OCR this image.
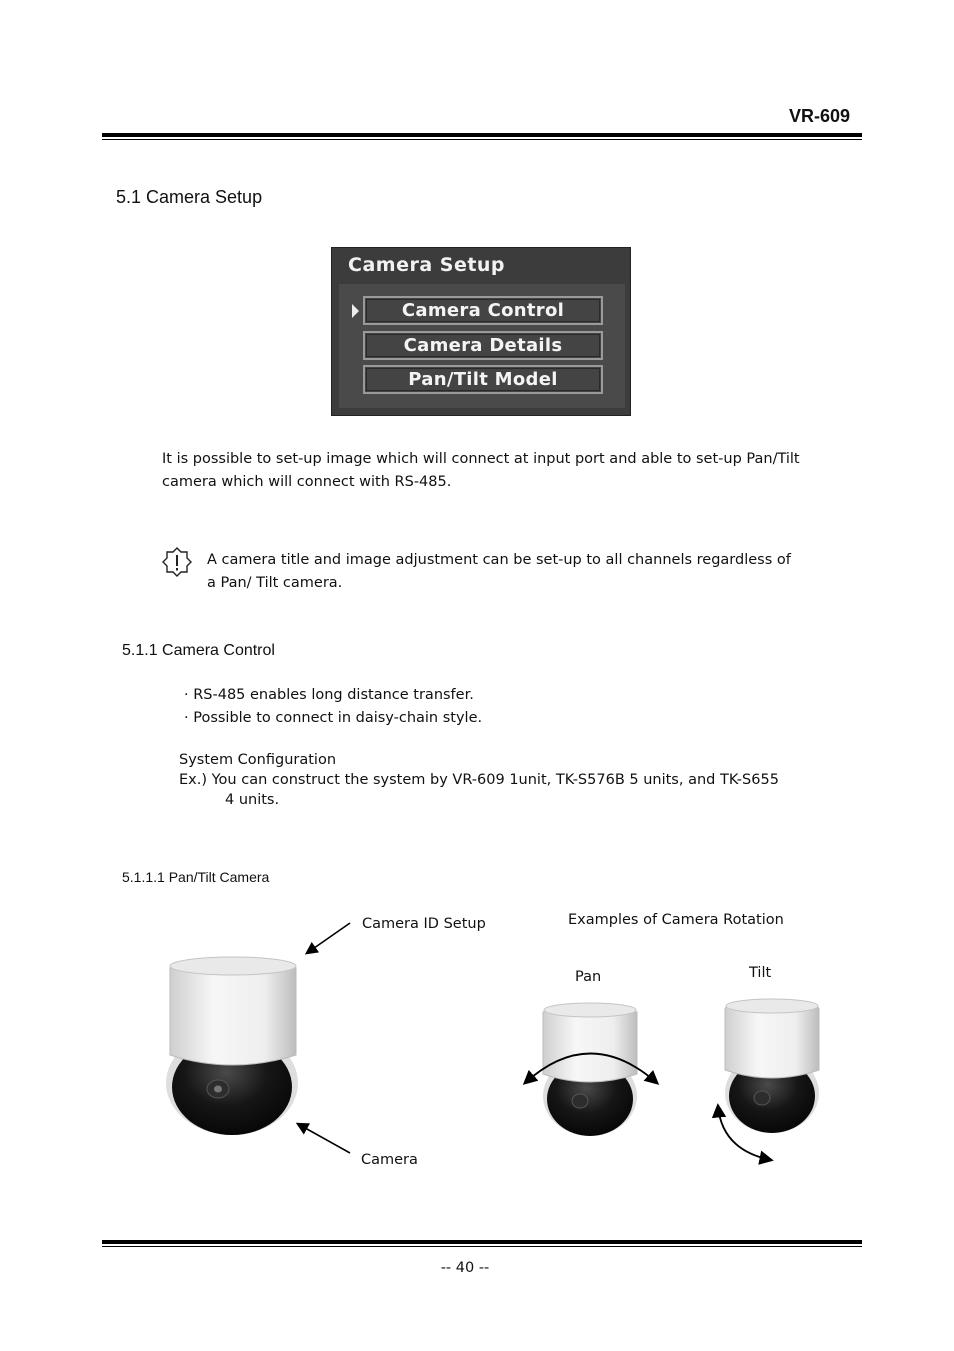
VR-609
5.1 Camera Setup
Camera Setup
Camera Control
Camera Details
Pan/Tilt Model
It is possible to set-up image which will connect at input port and able to set-up Pan/Tilt
camera which will connect with RS-485.
A camera title and image adjustment can be set-up to all channels regardless of
a Pan/ Tilt camera.
5.1.1 Camera Control
· RS-485 enables long distance transfer.
· Possible to connect in daisy-chain style.
System Configuration
Ex.) You can construct the system by VR-609 1unit, TK-S576B 5 units, and TK-S655
4 units.
5.1.1.1 Pan/Tilt Camera
Camera ID Setup
Camera
Examples of Camera Rotation
Pan	Tilt
-- 40 --
